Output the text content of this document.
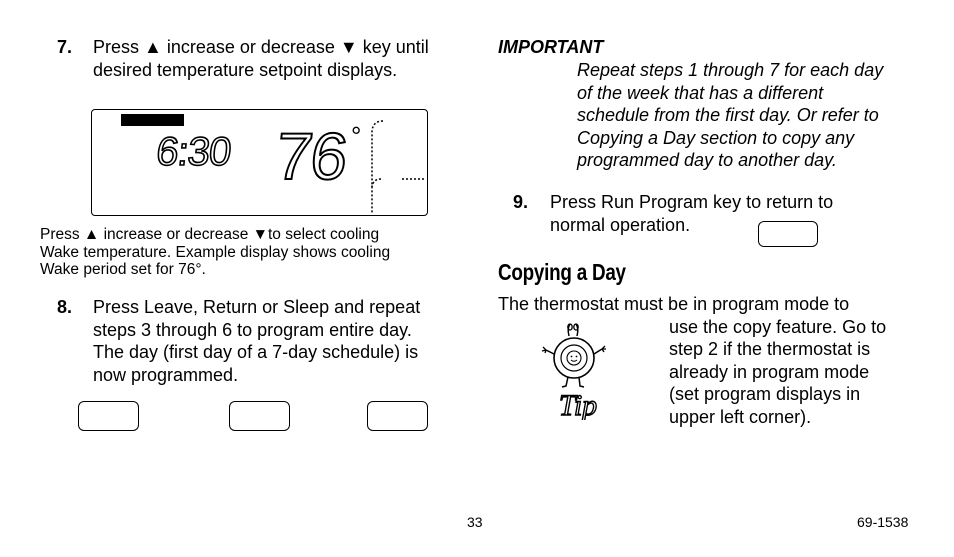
7. Press ▲ increase or decrease ▼ key until
desired temperature setpoint displays.
6:30 76 °
Press ▲ increase or decrease ▼to select cooling
Wake temperature. Example display shows cooling
Wake period set for 76°.
8. Press Leave, Return or Sleep and repeat
steps 3 through 6 to program entire day.
The day (first day of a 7-day schedule) is
now programmed.
IMPORTANT
Repeat steps 1 through 7 for each day
of the week that has a different
schedule from the first day. Or refer to
Copying a Day section to copy any
programmed day to another day.
9. Press Run Program key to return to
normal operation.
Copying a Day
The thermostat must be in program mode to
use the copy feature. Go to
step 2 if the thermostat is
already in program mode
(set program displays in
upper left corner).
Tip
33	69-1538
